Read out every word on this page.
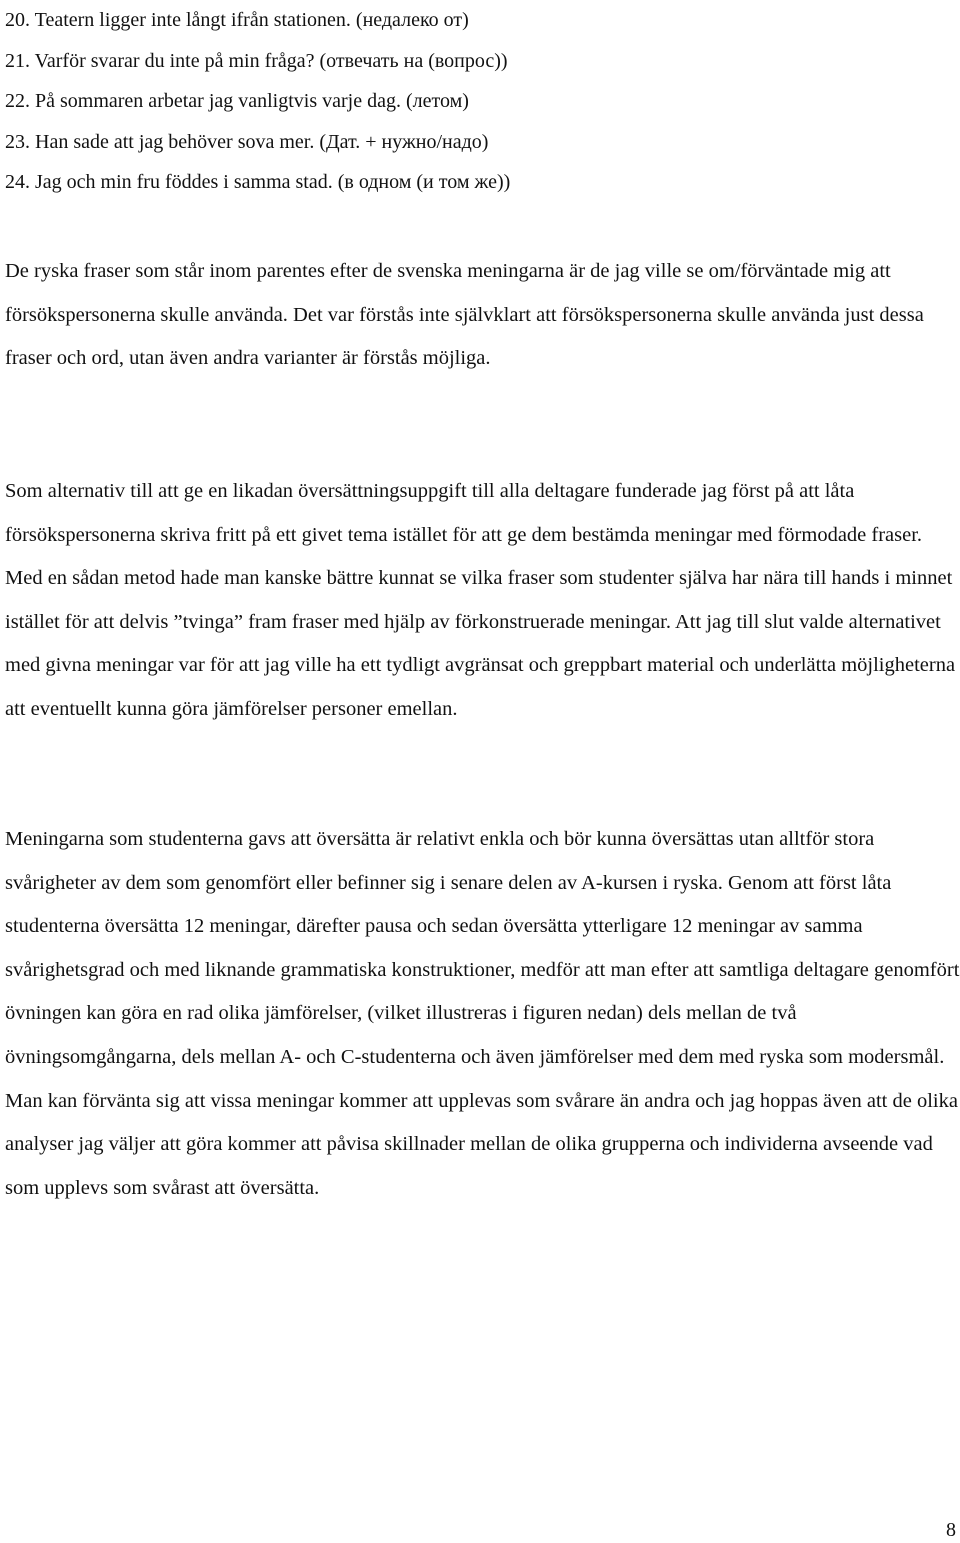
20. Teatern ligger inte långt ifrån stationen. (недалеко от)
21. Varför svarar du inte på min fråga? (отвечать на (вопрос))
22. På sommaren arbetar jag vanligtvis varje dag. (летом)
23. Han sade att jag behöver sova mer. (Дат. + нужно/надо)
24. Jag och min fru föddes i samma stad. (в одном (и том же))

De ryska fraser som står inom parentes efter de svenska meningarna är de jag ville se om/förväntade mig att försökspersonerna skulle använda. Det var förstås inte självklart att försökspersonerna skulle använda just dessa fraser och ord, utan även andra varianter är förstås möjliga.

Som alternativ till att ge en likadan översättningsuppgift till alla deltagare funderade jag först på att låta försökspersonerna skriva fritt på ett givet tema istället för att ge dem bestämda meningar med förmodade fraser. Med en sådan metod hade man kanske bättre kunnat se vilka fraser som studenter själva har nära till hands i minnet istället för att delvis ”tvinga” fram fraser med hjälp av förkonstruerade meningar. Att jag till slut valde alternativet med givna meningar var för att jag ville ha ett tydligt avgränsat och greppbart material och underlätta möjligheterna att eventuellt kunna göra jämförelser personer emellan.

Meningarna som studenterna gavs att översätta är relativt enkla och bör kunna översättas utan alltför stora svårigheter av dem som genomfört eller befinner sig i senare delen av A-kursen i ryska. Genom att först låta studenterna översätta 12 meningar, därefter pausa och sedan översätta ytterligare 12 meningar av samma svårighetsgrad och med liknande grammatiska konstruktioner, medför att man efter att samtliga deltagare genomfört övningen kan göra en rad olika jämförelser, (vilket illustreras i figuren nedan) dels mellan de två övningsomgångarna, dels mellan A- och C-studenterna och även jämförelser med dem med ryska som modersmål. Man kan förvänta sig att vissa meningar kommer att upplevas som svårare än andra och jag hoppas även att de olika analyser jag väljer att göra kommer att påvisa skillnader mellan de olika grupperna och individerna avseende vad som upplevs som svårast att översätta.

8
